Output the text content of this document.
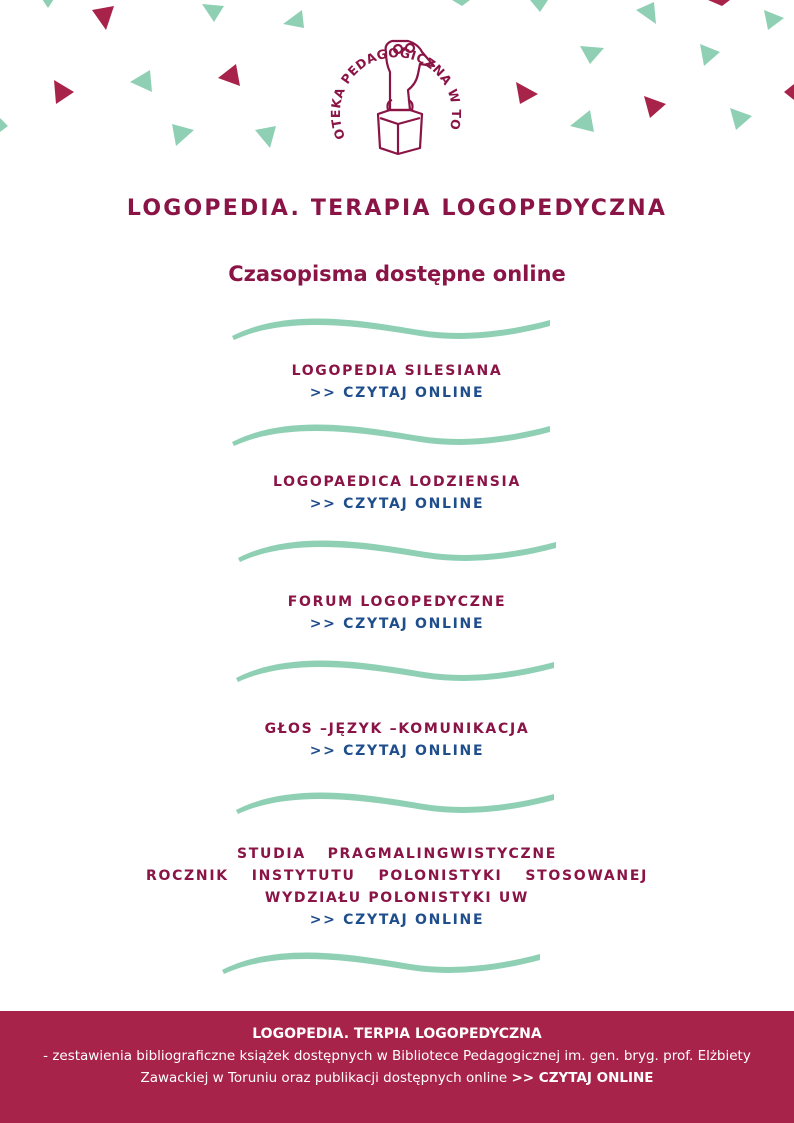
OTEKA PEDAGOGICZNA W TO
LOGOPEDIA. TERAPIA LOGOPEDYCZNA
Czasopisma dostępne online
LOGOPEDIA SILESIANA
>> CZYTAJ ONLINE
LOGOPAEDICA LODZIENSIA
>> CZYTAJ ONLINE
FORUM LOGOPEDYCZNE
>> CZYTAJ ONLINE
GŁOS –JĘZYK –KOMUNIKACJA
>> CZYTAJ ONLINE
STUDIA PRAGMALINGWISTYCZNE
ROCZNIK INSTYTUTU POLONISTYKI STOSOWANEJ
WYDZIAŁU POLONISTYKI UW
>> CZYTAJ ONLINE
LOGOPEDIA. TERPIA LOGOPEDYCZNA
- zestawienia bibliograficzne książek dostępnych w Bibliotece Pedagogicznej im. gen. bryg. prof. Elżbiety Zawackiej w Toruniu oraz publikacji dostępnych online >> CZYTAJ ONLINE
